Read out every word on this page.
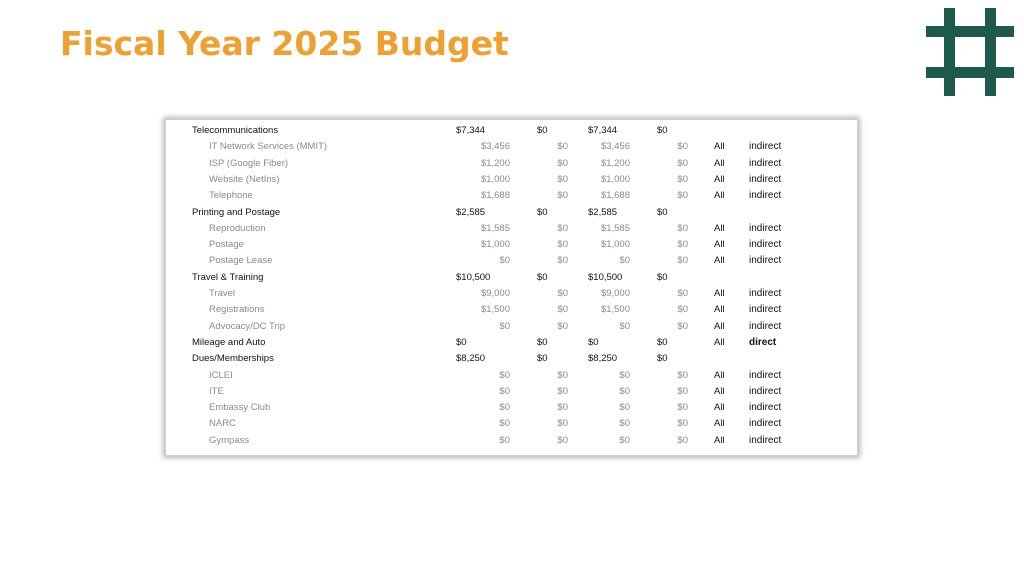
Fiscal Year 2025 Budget
Telecommunications	$7,344	$0	$7,344	$0
IT Network Services (MMIT)	$3,456	$0	$3,456	$0	All indirect
ISP (Google Fiber)	$1,200	$0	$1,200	$0	All indirect
Website (NetIns)	$1,000	$0	$1,000	$0	All indirect
Telephone	$1,688	$0	$1,688	$0	All indirect
Printing and Postage	$2,585	$0	$2,585	$0
Reproduction	$1,585	$0	$1,585	$0	All indirect
Postage	$1,000	$0	$1,000	$0	All indirect
Postage Lease	$0	$0	$0	$0	All indirect
Travel & Training	$10,500	$0	$10,500	$0
Travel	$9,000	$0	$9,000	$0	All indirect
Registrations	$1,500	$0	$1,500	$0	All indirect
Advocacy/DC Trip	$0	$0	$0	$0	All indirect
Mileage and Auto	$0	$0	$0	$0	All direct
Dues/Memberships	$8,250	$0	$8,250	$0
ICLEI	$0	$0	$0	$0	All indirect
ITE	$0	$0	$0	$0	All indirect
Embassy Club	$0	$0	$0	$0	All indirect
NARC	$0	$0	$0	$0	All indirect
Gympass	$0	$0	$0	$0	All indirect
